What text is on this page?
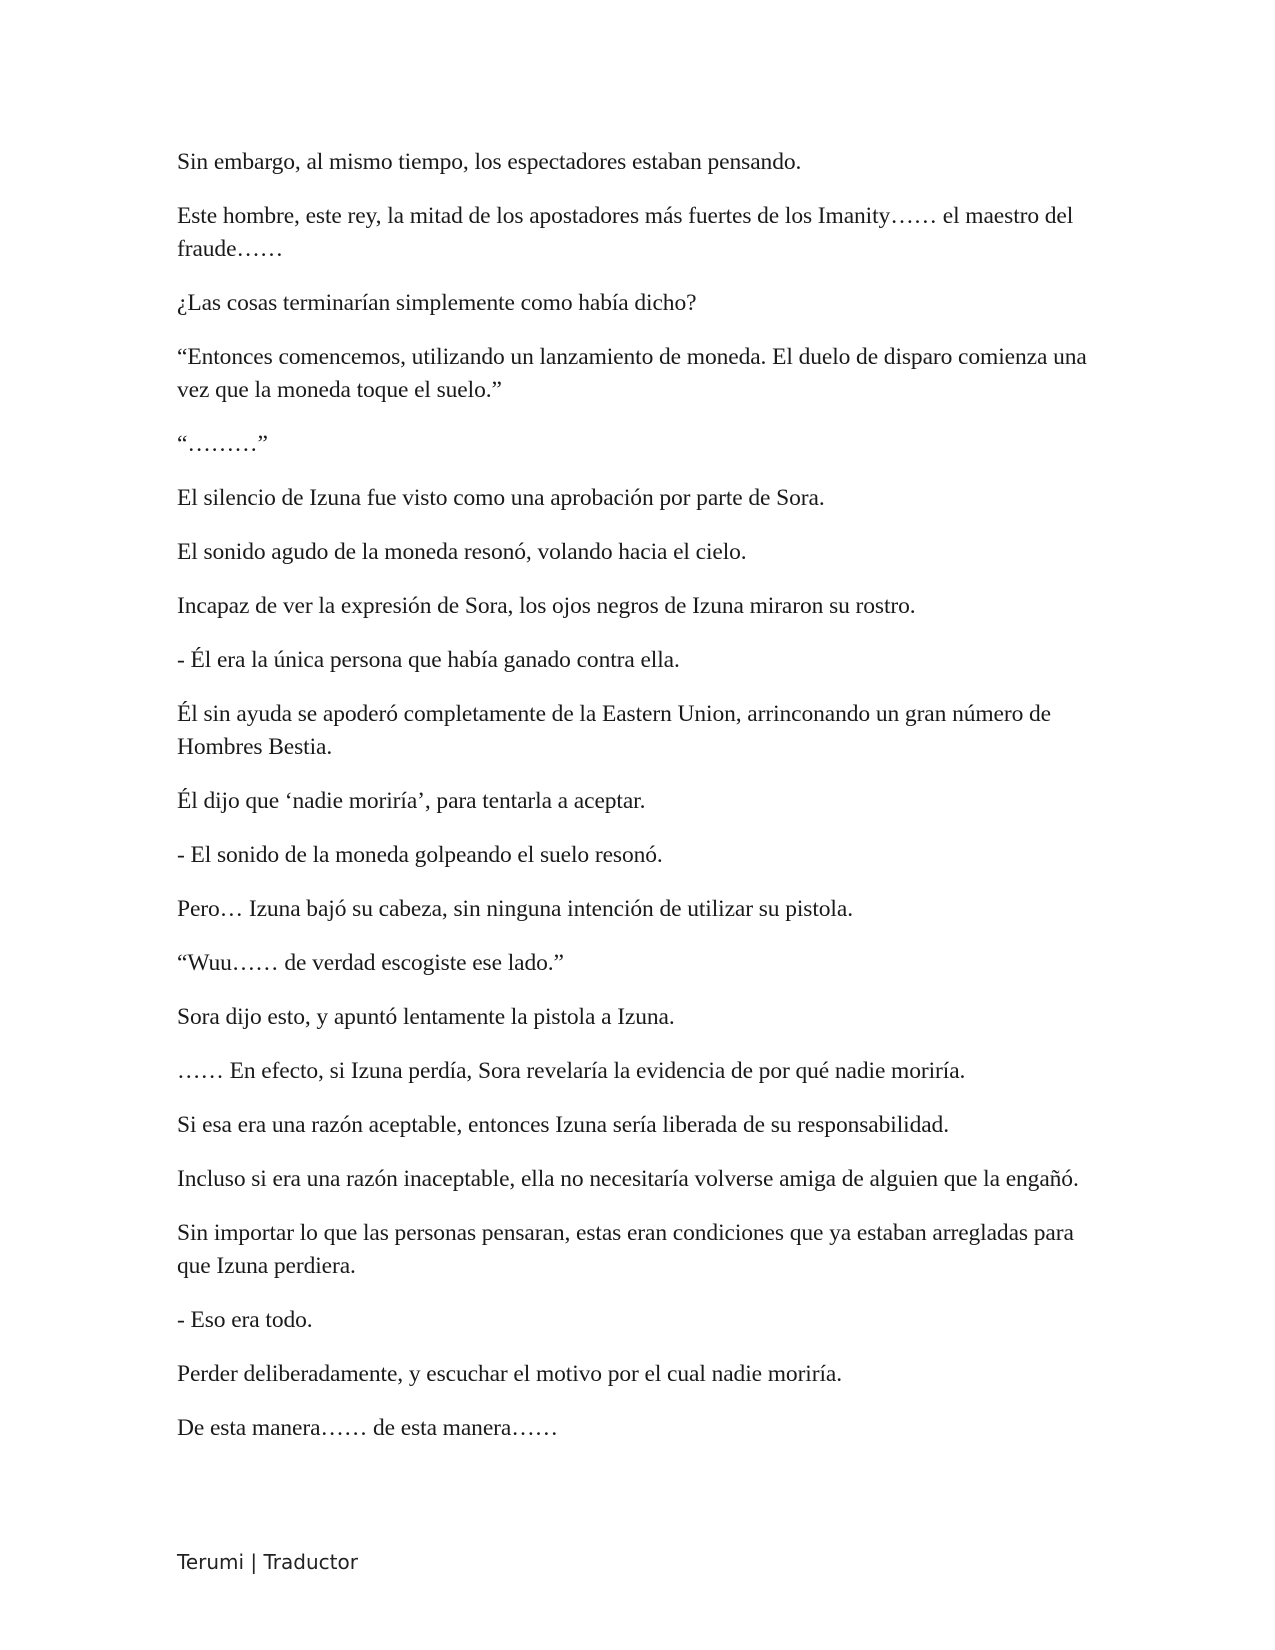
Sin embargo, al mismo tiempo, los espectadores estaban pensando.

Este hombre, este rey, la mitad de los apostadores más fuertes de los Imanity…… el maestro del fraude……

¿Las cosas terminarían simplemente como había dicho?

“Entonces comencemos, utilizando un lanzamiento de moneda. El duelo de disparo comienza una vez que la moneda toque el suelo.”

“………”

El silencio de Izuna fue visto como una aprobación por parte de Sora.

El sonido agudo de la moneda resonó, volando hacia el cielo.

Incapaz de ver la expresión de Sora, los ojos negros de Izuna miraron su rostro.

- Él era la única persona que había ganado contra ella.

Él sin ayuda se apoderó completamente de la Eastern Union, arrinconando un gran número de Hombres Bestia.

Él dijo que ‘nadie moriría’, para tentarla a aceptar.

- El sonido de la moneda golpeando el suelo resonó.

Pero… Izuna bajó su cabeza, sin ninguna intención de utilizar su pistola.

“Wuu…… de verdad escogiste ese lado.”

Sora dijo esto, y apuntó lentamente la pistola a Izuna.

…… En efecto, si Izuna perdía, Sora revelaría la evidencia de por qué nadie moriría.

Si esa era una razón aceptable, entonces Izuna sería liberada de su responsabilidad.

Incluso si era una razón inaceptable, ella no necesitaría volverse amiga de alguien que la engañó.

Sin importar lo que las personas pensaran, estas eran condiciones que ya estaban arregladas para que Izuna perdiera.

- Eso era todo.

Perder deliberadamente, y escuchar el motivo por el cual nadie moriría.

De esta manera…… de esta manera……

Terumi | Traductor
